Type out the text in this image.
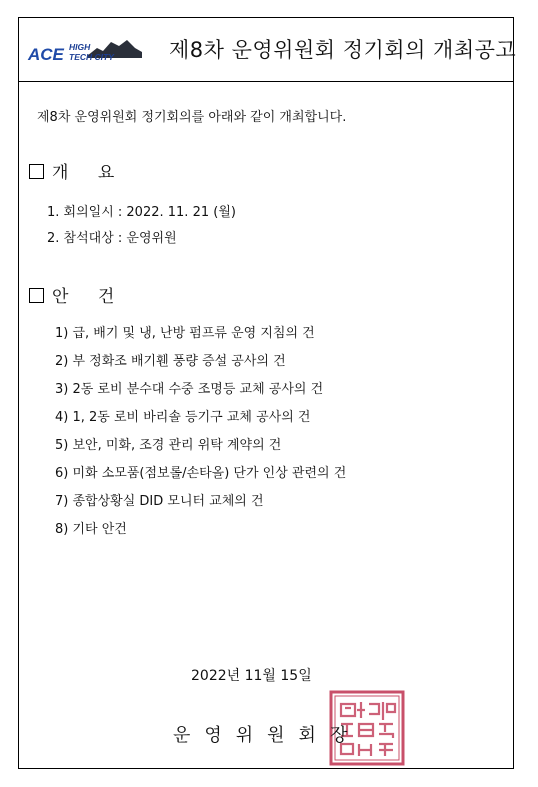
ACE HIGH
TECH CITY	제8차 운영위원회 정기회의 개최공고
제8차 운영위원회 정기회의를 아래와 같이 개최합니다.
개 요
1. 회의일시 : 2022. 11. 21 (월)
2. 참석대상 : 운영위원
안 건
1) 급, 배기 및 냉, 난방 펌프류 운영 지침의 건
2) 부 정화조 배기휀 풍량 증설 공사의 건
3) 2동 로비 분수대 수중 조명등 교체 공사의 건
4) 1, 2동 로비 바리솔 등기구 교체 공사의 건
5) 보안, 미화, 조경 관리 위탁 계약의 건
6) 미화 소모품(점보롤/손타올) 단가 인상 관련의 건
7) 종합상황실 DID 모니터 교체의 건
8) 기타 안건
2022년 11월 15일
운영위원회장
